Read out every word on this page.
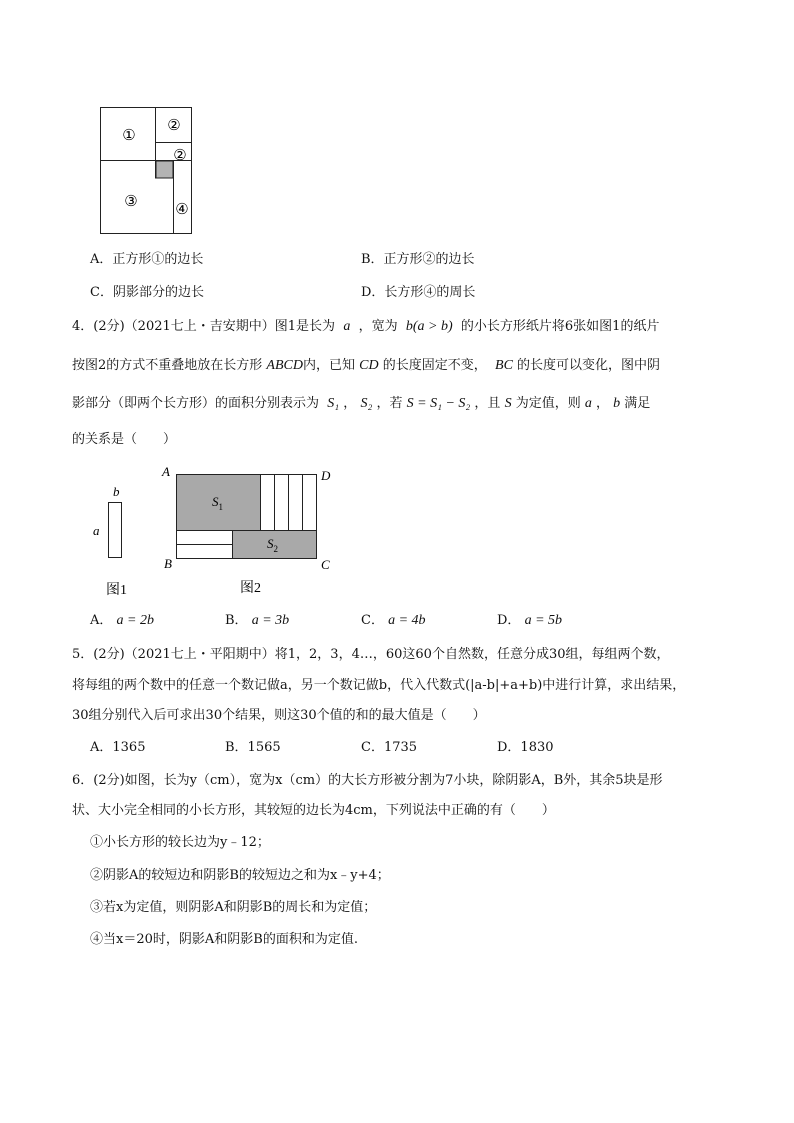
①
②
②
③	④
A．正方形①的边长	B．正方形②的边长
C．阴影部分的边长	D．长方形④的周长
4．(2分)（2021七上・吉安期中）图1是长为 a ，宽为 b(a > b) 的小长方形纸片将6张如图1的纸片
按图2的方式不重叠地放在长方形 ABCD内，已知 CD 的长度固定不变， BC 的长度可以变化，图中阴
影部分（即两个长方形）的面积分别表示为 S₁ ， S₂ ，若 S = S₁ − S₂ ，且 S 为定值，则 a ， b 满足
的关系是（　　）
b
a
图1
A	D
B	C
$S_1$
$S_2$
图2
A． a = 2b	B． a = 3b	C． a = 4b	D． a = 5b
5．(2分)（2021七上・平阳期中）将1，2，3，4…，60这60个自然数，任意分成30组，每组两个数，
将每组的两个数中的任意一个数记做a，另一个数记做b，代入代数式(|a-b|+a+b)中进行计算，求出结果，
30组分别代入后可求出30个结果，则这30个值的和的最大值是（　　）
A．1365	B．1565	C．1735	D．1830
6．(2分)如图，长为y（cm），宽为x（cm）的大长方形被分割为7小块，除阴影A，B外，其余5块是形
状、大小完全相同的小长方形，其较短的边长为4cm，下列说法中正确的有（　　）
①小长方形的较长边为y﹣12；
②阴影A的较短边和阴影B的较短边之和为x﹣y+4；
③若x为定值，则阴影A和阴影B的周长和为定值；
④当x＝20时，阴影A和阴影B的面积和为定值.
